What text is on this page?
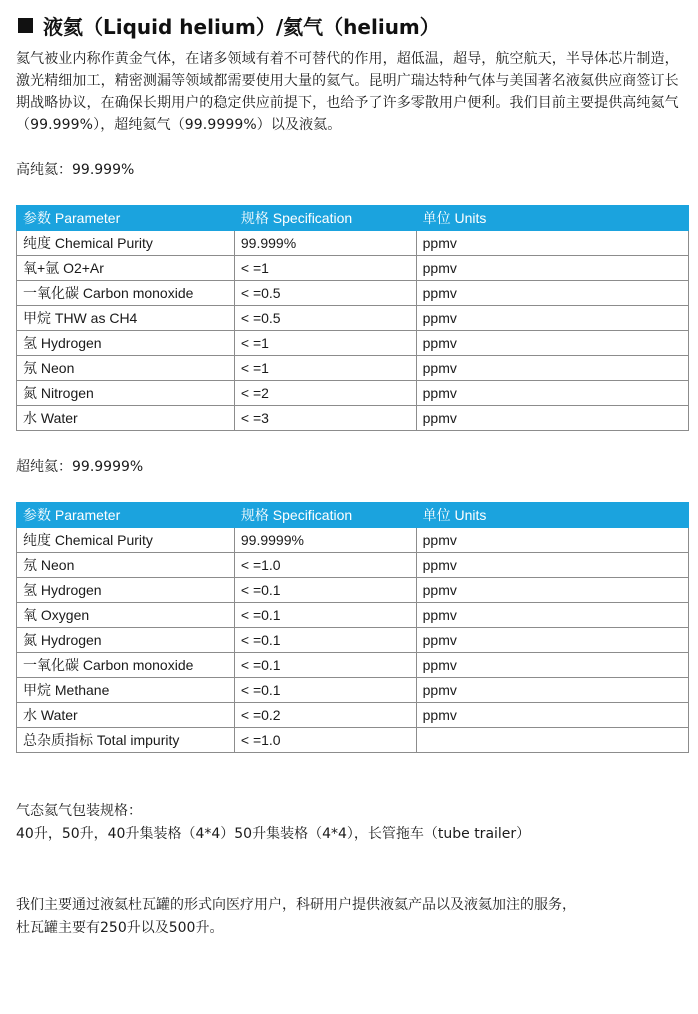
液氦（Liquid helium）/氦气（helium）

氦气被业内称作黄金气体，在诸多领域有着不可替代的作用，超低温，超导，航空航天，半导体芯片制造，激光精细加工，精密测漏等领域都需要使用大量的氦气。昆明广瑞达特种气体与美国著名液氦供应商签订长期战略协议，在确保长期用户的稳定供应前提下，也给予了许多零散用户便利。我们目前主要提供高纯氦气（99.999%），超纯氦气（99.9999%）以及液氦。

高纯氦：99.999%
参数 Parameter	规格 Specification	单位 Units
纯度 Chemical Purity	99.999%	ppmv
氧+氩 O2+Ar	< =1	ppmv
一氧化碳 Carbon monoxide	< =0.5	ppmv
甲烷 THW as CH4	< =0.5	ppmv
氢 Hydrogen	< =1	ppmv
氖 Neon	< =1	ppmv
氮 Nitrogen	< =2	ppmv
水 Water	< =3	ppmv
超纯氦：99.9999%
参数 Parameter	规格 Specification	单位 Units
纯度 Chemical Purity	99.9999%	ppmv
氖 Neon	< =1.0	ppmv
氢 Hydrogen	< =0.1	ppmv
氧 Oxygen	< =0.1	ppmv
氮 Hydrogen	< =0.1	ppmv
一氧化碳 Carbon monoxide	< =0.1	ppmv
甲烷 Methane	< =0.1	ppmv
水 Water	< =0.2	ppmv
总杂质指标 Total impurity	< =1.0	
气态氦气包装规格：
40升，50升，40升集装格（4*4）50升集装格（4*4），长管拖车（tube trailer）
我们主要通过液氦杜瓦罐的形式向医疗用户，科研用户提供液氦产品以及液氦加注的服务，
杜瓦罐主要有250升以及500升。
